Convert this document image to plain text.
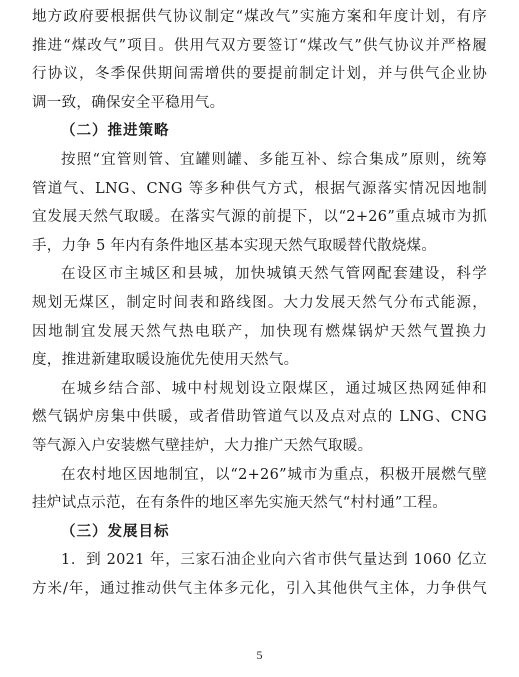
地方政府要根据供气协议制定“煤改气”实施方案和年度计划，有序
推进“煤改气”项目。供用气双方要签订“煤改气”供气协议并严格履
行协议，冬季保供期间需增供的要提前制定计划，并与供气企业协
调一致，确保安全平稳用气。
（二）推进策略
按照“宜管则管、宜罐则罐、多能互补、综合集成”原则，统筹
管道气、LNG、CNG 等多种供气方式，根据气源落实情况因地制
宜发展天然气取暖。在落实气源的前提下，以“2+26”重点城市为抓
手，力争 5 年内有条件地区基本实现天然气取暖替代散烧煤。
在设区市主城区和县城，加快城镇天然气管网配套建设，科学
规划无煤区，制定时间表和路线图。大力发展天然气分布式能源，
因地制宜发展天然气热电联产，加快现有燃煤锅炉天然气置换力
度，推进新建取暖设施优先使用天然气。
在城乡结合部、城中村规划设立限煤区，通过城区热网延伸和
燃气锅炉房集中供暖，或者借助管道气以及点对点的 LNG、CNG
等气源入户安装燃气壁挂炉，大力推广天然气取暖。
在农村地区因地制宜，以“2+26”城市为重点，积极开展燃气壁
挂炉试点示范，在有条件的地区率先实施天然气“村村通”工程。
（三）发展目标
1．到 2021 年，三家石油企业向六省市供气量达到 1060 亿立
方米/年，通过推动供气主体多元化，引入其他供气主体，力争供气
5
